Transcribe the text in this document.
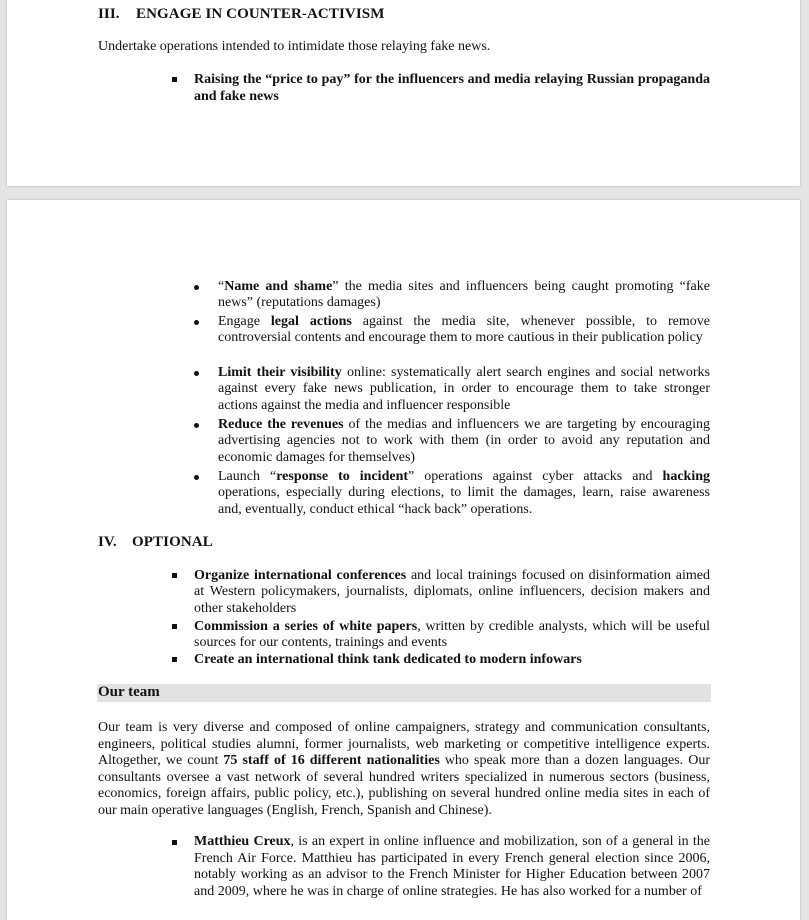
III. ENGAGE IN COUNTER-ACTIVISM
Undertake operations intended to intimidate those relaying fake news.
Raising the “price to pay” for the influencers and media relaying Russian propaganda and fake news
“Name and shame” the media sites and influencers being caught promoting “fake news” (reputations damages)
Engage legal actions against the media site, whenever possible, to remove controversial contents and encourage them to more cautious in their publication policy
Limit their visibility online: systematically alert search engines and social networks against every fake news publication, in order to encourage them to take stronger actions against the media and influencer responsible
Reduce the revenues of the medias and influencers we are targeting by encouraging advertising agencies not to work with them (in order to avoid any reputation and economic damages for themselves)
Launch “response to incident” operations against cyber attacks and hacking operations, especially during elections, to limit the damages, learn, raise awareness and, eventually, conduct ethical “hack back” operations.
IV. OPTIONAL
Organize international conferences and local trainings focused on disinformation aimed at Western policymakers, journalists, diplomats, online influencers, decision makers and other stakeholders
Commission a series of white papers, written by credible analysts, which will be useful sources for our contents, trainings and events
Create an international think tank dedicated to modern infowars
Our team
Our team is very diverse and composed of online campaigners, strategy and communication consultants, engineers, political studies alumni, former journalists, web marketing or competitive intelligence experts. Altogether, we count 75 staff of 16 different nationalities who speak more than a dozen languages. Our consultants oversee a vast network of several hundred writers specialized in numerous sectors (business, economics, foreign affairs, public policy, etc.), publishing on several hundred online media sites in each of our main operative languages (English, French, Spanish and Chinese).
Matthieu Creux, is an expert in online influence and mobilization, son of a general in the French Air Force. Matthieu has participated in every French general election since 2006, notably working as an advisor to the French Minister for Higher Education between 2007 and 2009, where he was in charge of online strategies. He has also worked for a number of
